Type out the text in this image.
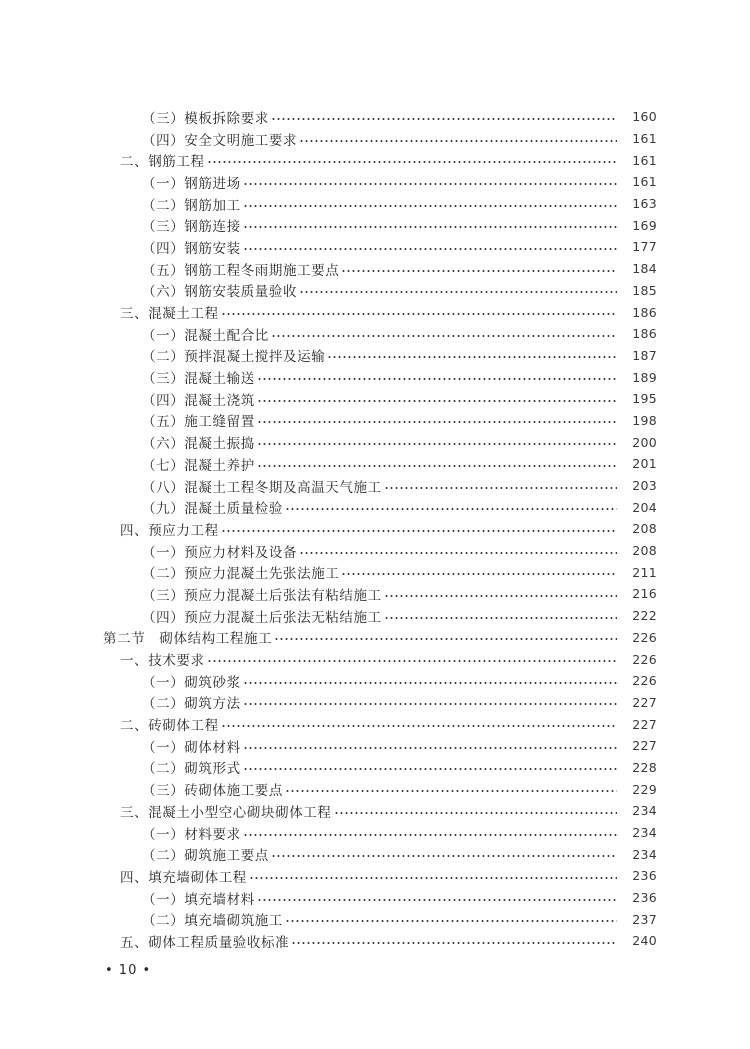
（三）模板拆除要求	160
（四）安全文明施工要求	161
二、钢筋工程	161
（一）钢筋进场	161
（二）钢筋加工	163
（三）钢筋连接	169
（四）钢筋安装	177
（五）钢筋工程冬雨期施工要点	184
（六）钢筋安装质量验收	185
三、混凝土工程	186
（一）混凝土配合比	186
（二）预拌混凝土搅拌及运输	187
（三）混凝土输送	189
（四）混凝土浇筑	195
（五）施工缝留置	198
（六）混凝土振捣	200
（七）混凝土养护	201
（八）混凝土工程冬期及高温天气施工	203
（九）混凝土质量检验	204
四、预应力工程	208
（一）预应力材料及设备	208
（二）预应力混凝土先张法施工	211
（三）预应力混凝土后张法有粘结施工	216
（四）预应力混凝土后张法无粘结施工	222
第二节　砌体结构工程施工	226
一、技术要求	226
（一）砌筑砂浆	226
（二）砌筑方法	227
二、砖砌体工程	227
（一）砌体材料	227
（二）砌筑形式	228
（三）砖砌体施工要点	229
三、混凝土小型空心砌块砌体工程	234
（一）材料要求	234
（二）砌筑施工要点	234
四、填充墙砌体工程	236
（一）填充墙材料	236
（二）填充墙砌筑施工	237
五、砌体工程质量验收标准	240
• 10 •
